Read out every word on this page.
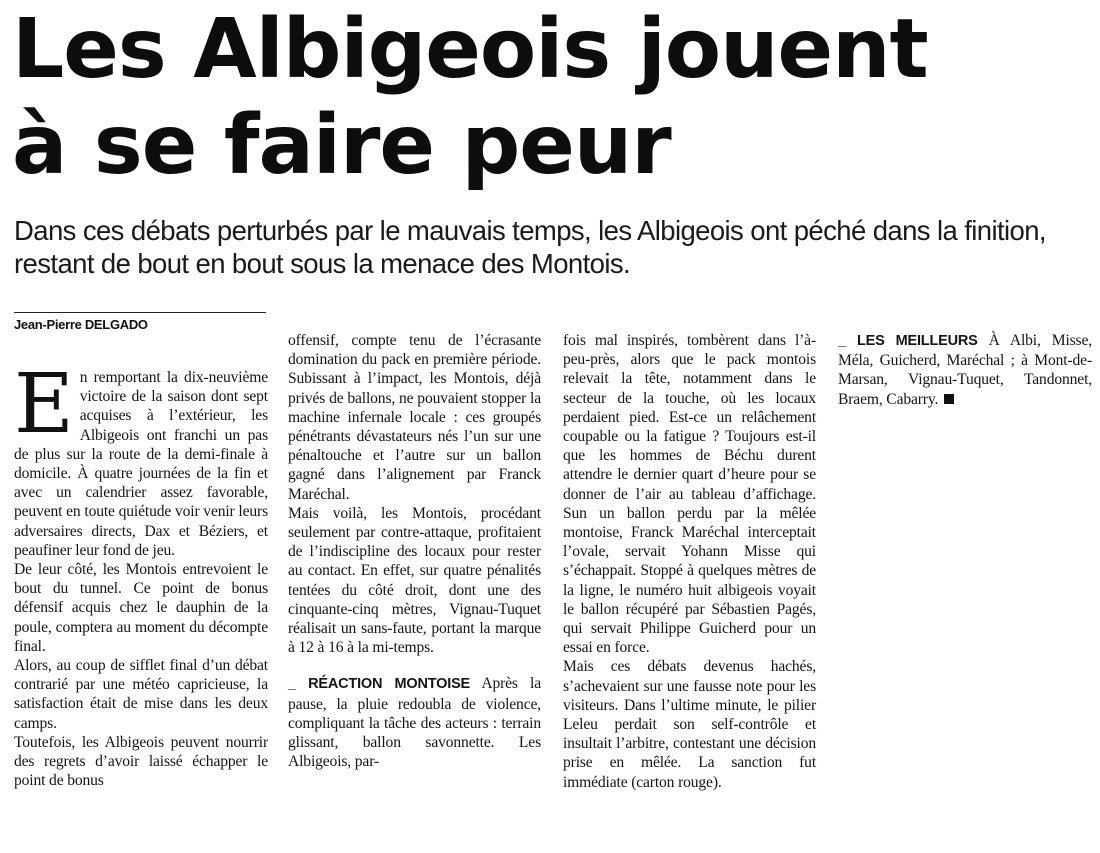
Les Albigeois jouent
à se faire peur
Dans ces débats perturbés par le mauvais temps, les Albigeois ont péché dans la finition,
restant de bout en bout sous la menace des Montois.
Jean-Pierre DELGADO

En remportant la dix-neuvième victoire de la saison dont sept acquises à l’extérieur, les Albigeois ont franchi un pas de plus sur la route de la demi-finale à domicile. À quatre journées de la fin et avec un calendrier assez favorable, peuvent en toute quiétude voir venir leurs adversaires directs, Dax et Béziers, et peaufiner leur fond de jeu.

De leur côté, les Montois entrevoient le bout du tunnel. Ce point de bonus défensif acquis chez le dauphin de la poule, comptera au moment du décompte final.

Alors, au coup de sifflet final d’un débat contrarié par une météo capricieuse, la satisfaction était de mise dans les deux camps.

Toutefois, les Albigeois peuvent nourrir des regrets d’avoir laissé échapper le point de bonus

offensif, compte tenu de l’écrasante domination du pack en première période. Subissant à l’impact, les Montois, déjà privés de ballons, ne pouvaient stopper la machine infernale locale : ces groupés pénétrants dévastateurs nés l’un sur une pénaltouche et l’autre sur un ballon gagné dans l’alignement par Franck Maréchal.

Mais voilà, les Montois, procédant seulement par contre-attaque, profitaient de l’indiscipline des locaux pour rester au contact. En effet, sur quatre pénalités tentées du côté droit, dont une des cinquante-cinq mètres, Vignau-Tuquet réalisait un sans-faute, portant la marque à 12 à 16 à la mi-temps.

_ RÉACTION MONTOISE Après la pause, la pluie redoubla de violence, compliquant la tâche des acteurs : terrain glissant, ballon savonnette. Les Albigeois, par-

fois mal inspirés, tombèrent dans l’à-peu-près, alors que le pack montois relevait la tête, notamment dans le secteur de la touche, où les locaux perdaient pied. Est-ce un relâchement coupable ou la fatigue ? Toujours est-il que les hommes de Béchu durent attendre le dernier quart d’heure pour se donner de l’air au tableau d’affichage. Sun un ballon perdu par la mêlée montoise, Franck Maréchal interceptait l’ovale, servait Yohann Misse qui s’échappait. Stoppé à quelques mètres de la ligne, le numéro huit albigeois voyait le ballon récupéré par Sébastien Pagés, qui servait Philippe Guicherd pour un essai en force.

Mais ces débats devenus hachés, s’achevaient sur une fausse note pour les visiteurs. Dans l’ultime minute, le pilier Leleu perdait son self-contrôle et insultait l’arbitre, contestant une décision prise en mêlée. La sanction fut immédiate (carton rouge).

_ LES MEILLEURS À Albi, Misse, Méla, Guicherd, Maréchal ; à Mont-de-Marsan, Vignau-Tuquet, Tandonnet, Braem, Cabarry.
